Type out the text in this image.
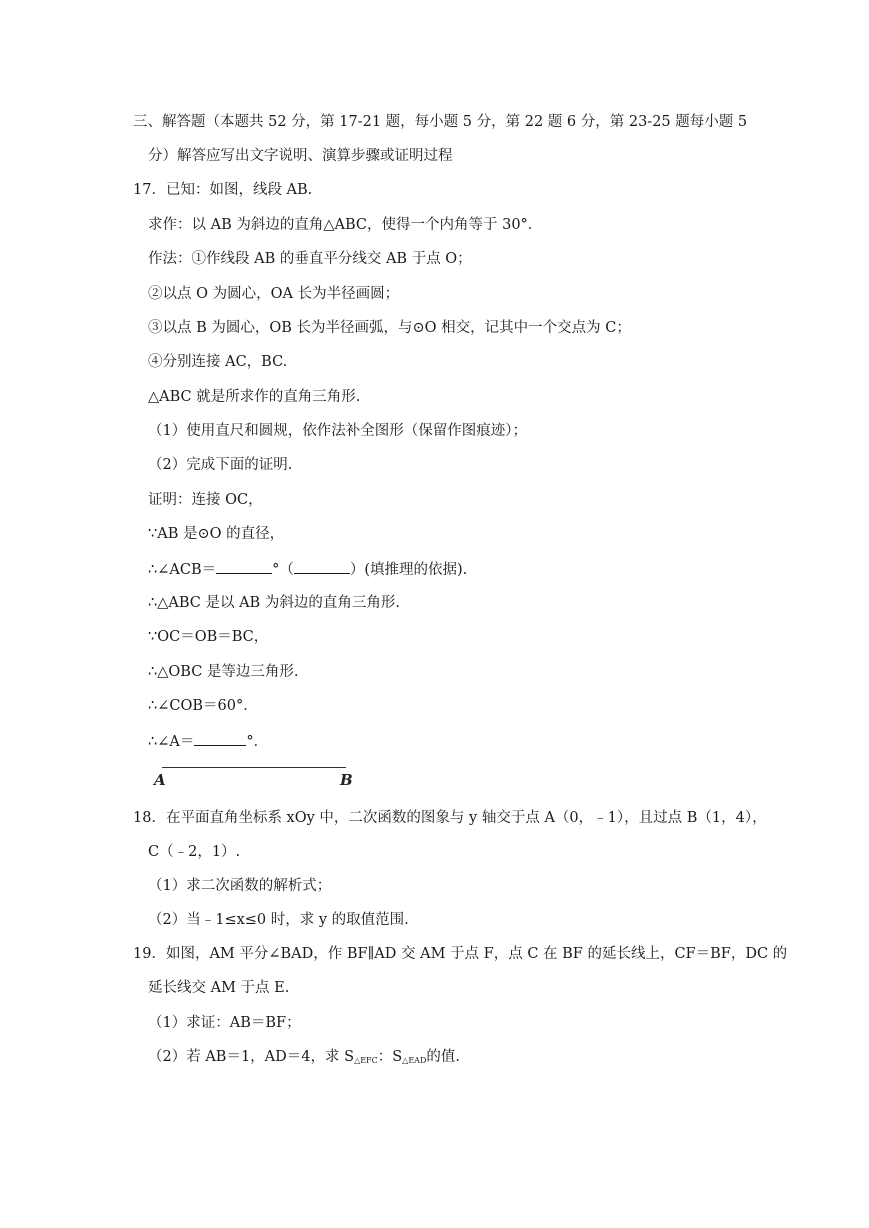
三、解答题（本题共 52 分，第 17-21 题，每小题 5 分，第 22 题 6 分，第 23-25 题每小题 5
分）解答应写出文字说明、演算步骤或证明过程
17．已知：如图，线段 AB.
求作：以 AB 为斜边的直角△ABC，使得一个内角等于 30°．
作法：①作线段 AB 的垂直平分线交 AB 于点 O；
②以点 O 为圆心，OA 长为半径画圆；
③以点 B 为圆心，OB 长为半径画弧，与⊙O 相交，记其中一个交点为 C；
④分别连接 AC，BC.
△ABC 就是所求作的直角三角形.
（1）使用直尺和圆规，依作法补全图形（保留作图痕迹）；
（2）完成下面的证明.
证明：连接 OC，
∵AB 是⊙O 的直径，
∴∠ACB＝	°（	）(填推理的依据).
∴△ABC 是以 AB 为斜边的直角三角形.
∵OC＝OB＝BC，
∴△OBC 是等边三角形.
∴∠COB＝60°．
∴∠A＝	°．
A	B
18．在平面直角坐标系 xOy 中，二次函数的图象与 y 轴交于点 A（0，﹣1），且过点 B（1，4），
C（﹣2，1）.
（1）求二次函数的解析式；
（2）当﹣1≤x≤0 时，求 y 的取值范围.
19．如图，AM 平分∠BAD，作 BF∥AD 交 AM 于点 F，点 C 在 BF 的延长线上，CF＝BF，DC 的
延长线交 AM 于点 E.
（1）求证：AB＝BF；
（2）若 AB＝1，AD＝4，求 $S_{\triangle EFC}$：$S_{\triangle EAD}$的值.
